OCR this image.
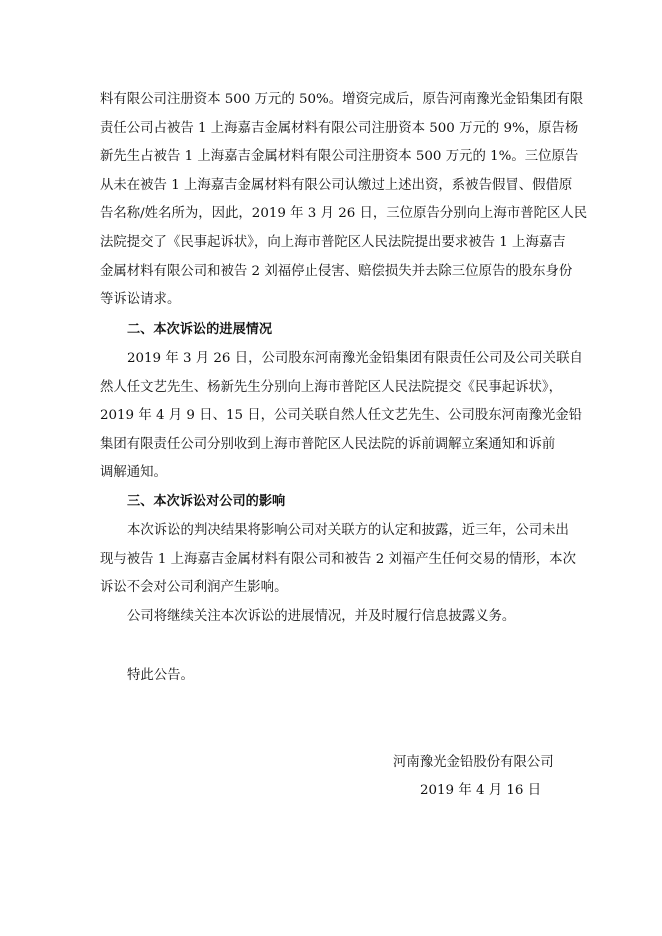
料有限公司注册资本 500 万元的 50%。增资完成后，原告河南豫光金铅集团有限
责任公司占被告 1 上海嘉吉金属材料有限公司注册资本 500 万元的 9%，原告杨
新先生占被告 1 上海嘉吉金属材料有限公司注册资本 500 万元的 1%。三位原告
从未在被告 1 上海嘉吉金属材料有限公司认缴过上述出资，系被告假冒、假借原
告名称/姓名所为，因此，2019 年 3 月 26 日，三位原告分别向上海市普陀区人民
法院提交了《民事起诉状》，向上海市普陀区人民法院提出要求被告 1 上海嘉吉
金属材料有限公司和被告 2 刘福停止侵害、赔偿损失并去除三位原告的股东身份
等诉讼请求。
二、本次诉讼的进展情况
2019 年 3 月 26 日，公司股东河南豫光金铅集团有限责任公司及公司关联自
然人任文艺先生、杨新先生分别向上海市普陀区人民法院提交《民事起诉状》，
2019 年 4 月 9 日、15 日，公司关联自然人任文艺先生、公司股东河南豫光金铅
集团有限责任公司分别收到上海市普陀区人民法院的诉前调解立案通知和诉前
调解通知。
三、本次诉讼对公司的影响
本次诉讼的判决结果将影响公司对关联方的认定和披露，近三年，公司未出
现与被告 1 上海嘉吉金属材料有限公司和被告 2 刘福产生任何交易的情形，本次
诉讼不会对公司利润产生影响。
公司将继续关注本次诉讼的进展情况，并及时履行信息披露义务。
特此公告。
河南豫光金铅股份有限公司
2019 年 4 月 16 日
